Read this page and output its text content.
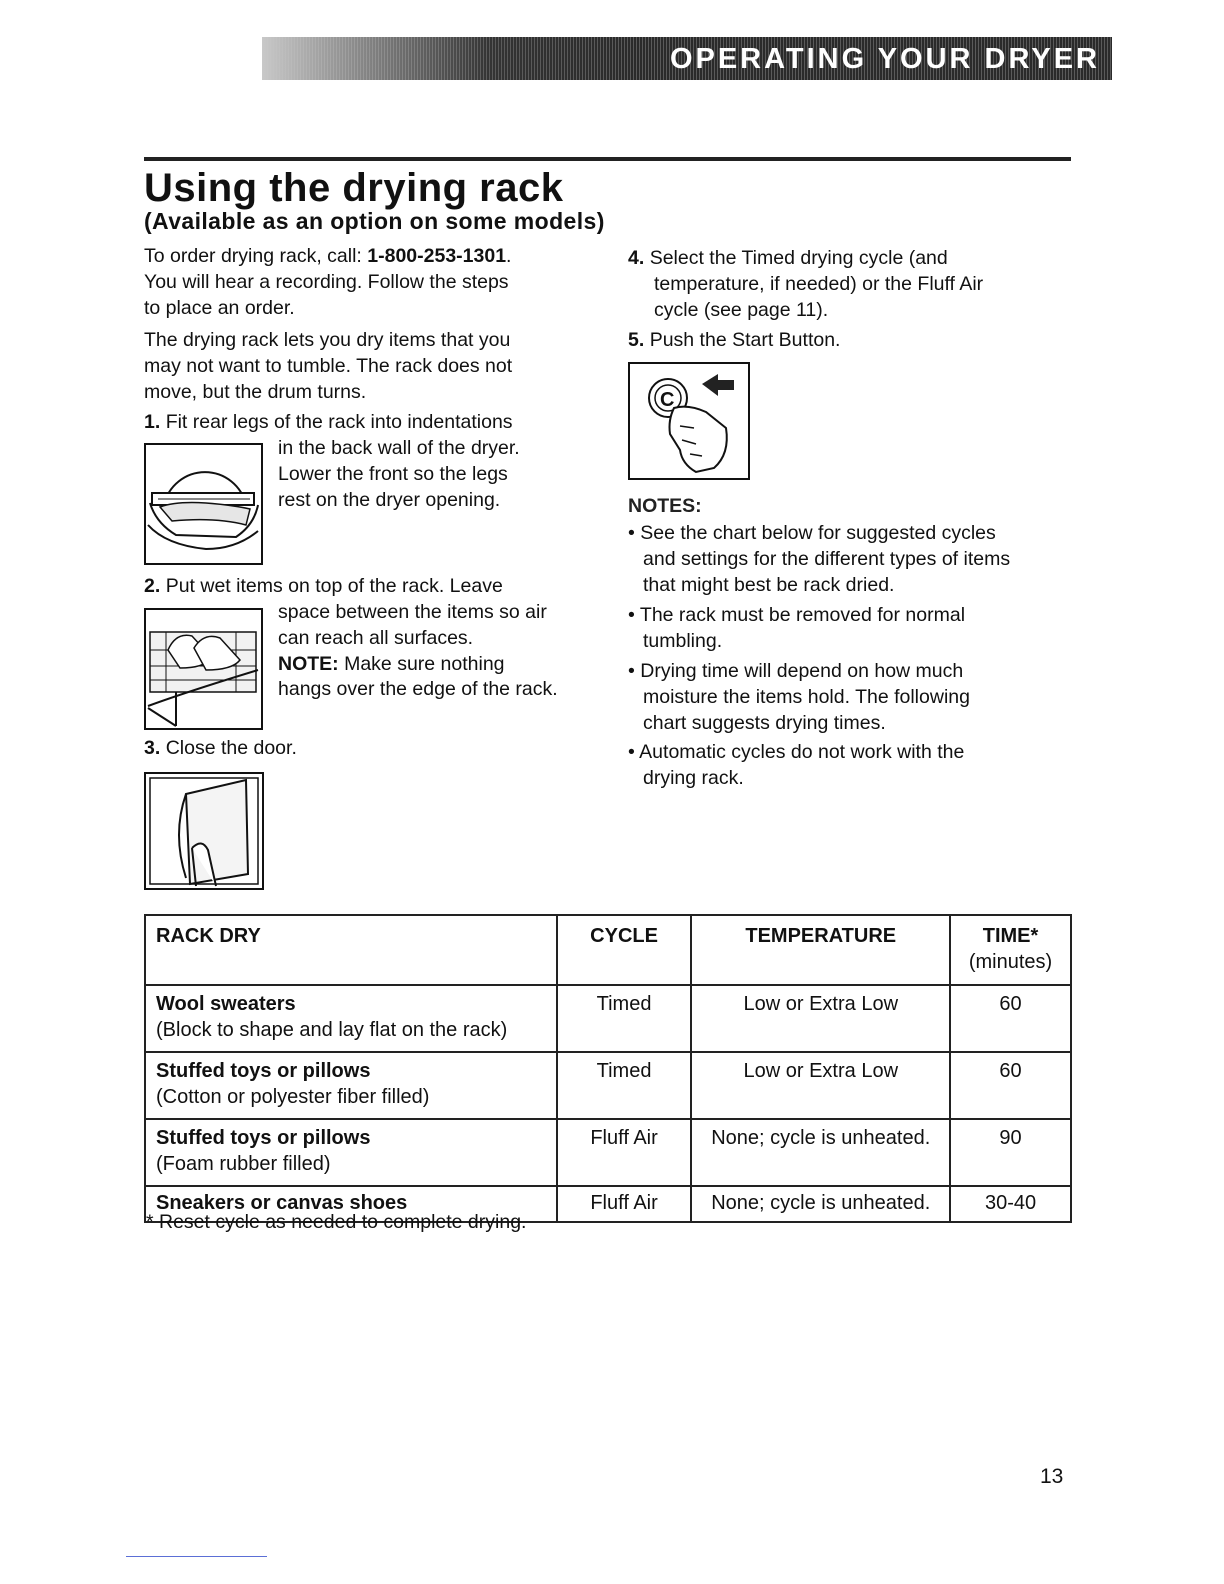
OPERATING YOUR DRYER
Using the drying rack
(Available as an option on some models)
To order drying rack, call: 1-800-253-1301.
You will hear a recording. Follow the steps
to place an order.
The drying rack lets you dry items that you
may not want to tumble. The rack does not
move, but the drum turns.
1. Fit rear legs of the rack into indentations
in the back wall of the dryer.
Lower the front so the legs
rest on the dryer opening.
2. Put wet items on top of the rack. Leave
space between the items so air
can reach all surfaces.
NOTE: Make sure nothing
hangs over the edge of the rack.
3. Close the door.
4. Select the Timed drying cycle (and
temperature, if needed) or the Fluff Air
cycle (see page 11).
5. Push the Start Button.
C
NOTES:
• See the chart below for suggested cycles
and settings for the different types of items
that might best be rack dried.
• The rack must be removed for normal
tumbling.
• Drying time will depend on how much
moisture the items hold. The following
chart suggests drying times.
• Automatic cycles do not work with the
drying rack.
RACK DRY	CYCLE	TEMPERATURE	TIME*
(minutes)

Wool sweaters
(Block to shape and lay flat on the rack)	Timed	Low or Extra Low	60

Stuffed toys or pillows
(Cotton or polyester fiber filled)	Timed	Low or Extra Low	60

Stuffed toys or pillows
(Foam rubber filled)	Fluff Air	None; cycle is unheated.	90

Sneakers or canvas shoes	Fluff Air	None; cycle is unheated.	30-40
* Reset cycle as needed to complete drying.
13
